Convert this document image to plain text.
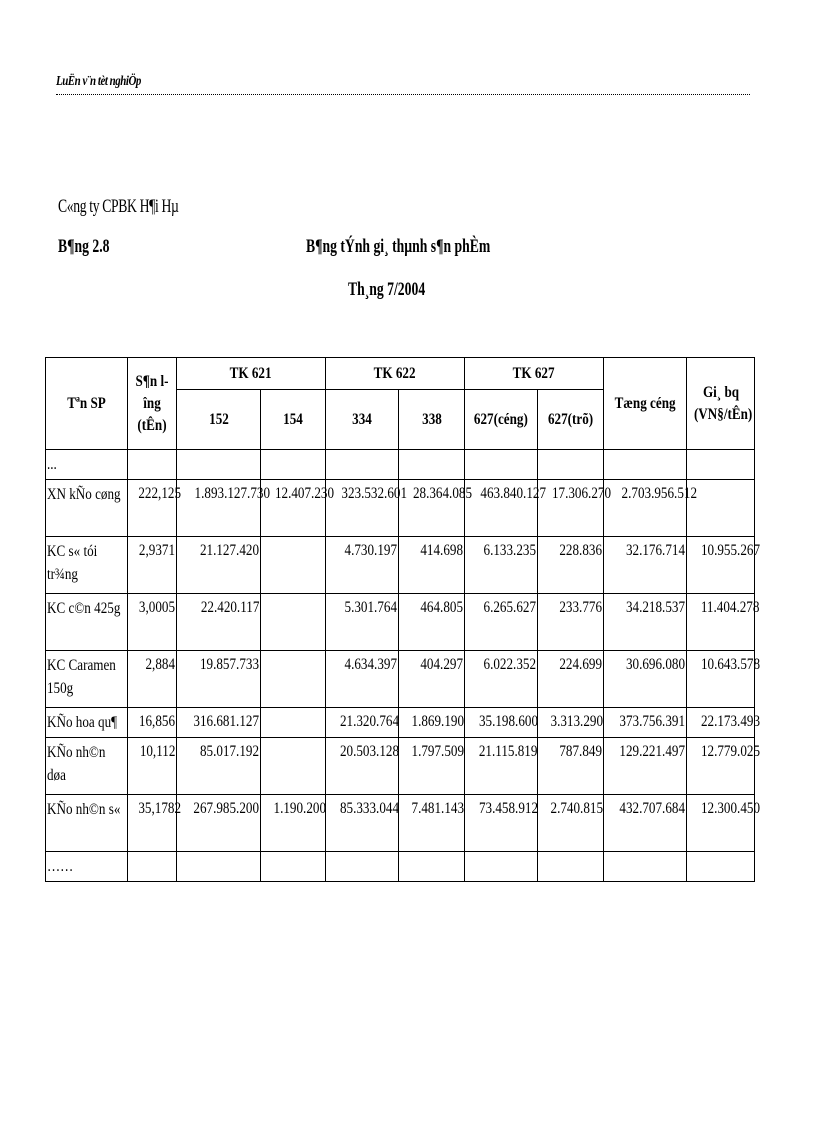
LuËn v¨n tèt nghiÖp
C«ng ty CPBK H¶i Hµ
B¶ng 2.8	B¶ng tÝnh gi¸ thµnh s¶n phÈm
Th¸ng 7/2004
Tªn SP	S¶n lîng (tÊn)	TK 621		TK 622		TK 627		Tæng céng	Gi¸ bq (VN§/tÊn)
		152	154	334	338	627(céng)	627(trõ)		

...									

XN kÑo cøng	222,125	1.893.127.730	12.407.230	323.532.601	28.364.085	463.840.127	17.306.270	2.703.956.512	

KC s« tói tr¾ng	2,9371	21.127.420		4.730.197	414.698	6.133.235	228.836	32.176.714	10.955.267

KC c©n 425g	3,0005	22.420.117		5.301.764	464.805	6.265.627	233.776	34.218.537	11.404.278

KC Caramen 150g	2,884	19.857.733		4.634.397	404.297	6.022.352	224.699	30.696.080	10.643.578

KÑo hoa qu¶	16,856	316.681.127		21.320.764	1.869.190	35.198.600	3.313.290	373.756.391	22.173.493

KÑo nh©n døa	10,112	85.017.192		20.503.128	1.797.509	21.115.819	787.849	129.221.497	12.779.025

KÑo nh©n s«	35,1782	267.985.200	1.190.200	85.333.044	7.481.143	73.458.912	2.740.815	432.707.684	12.300.450

……									
